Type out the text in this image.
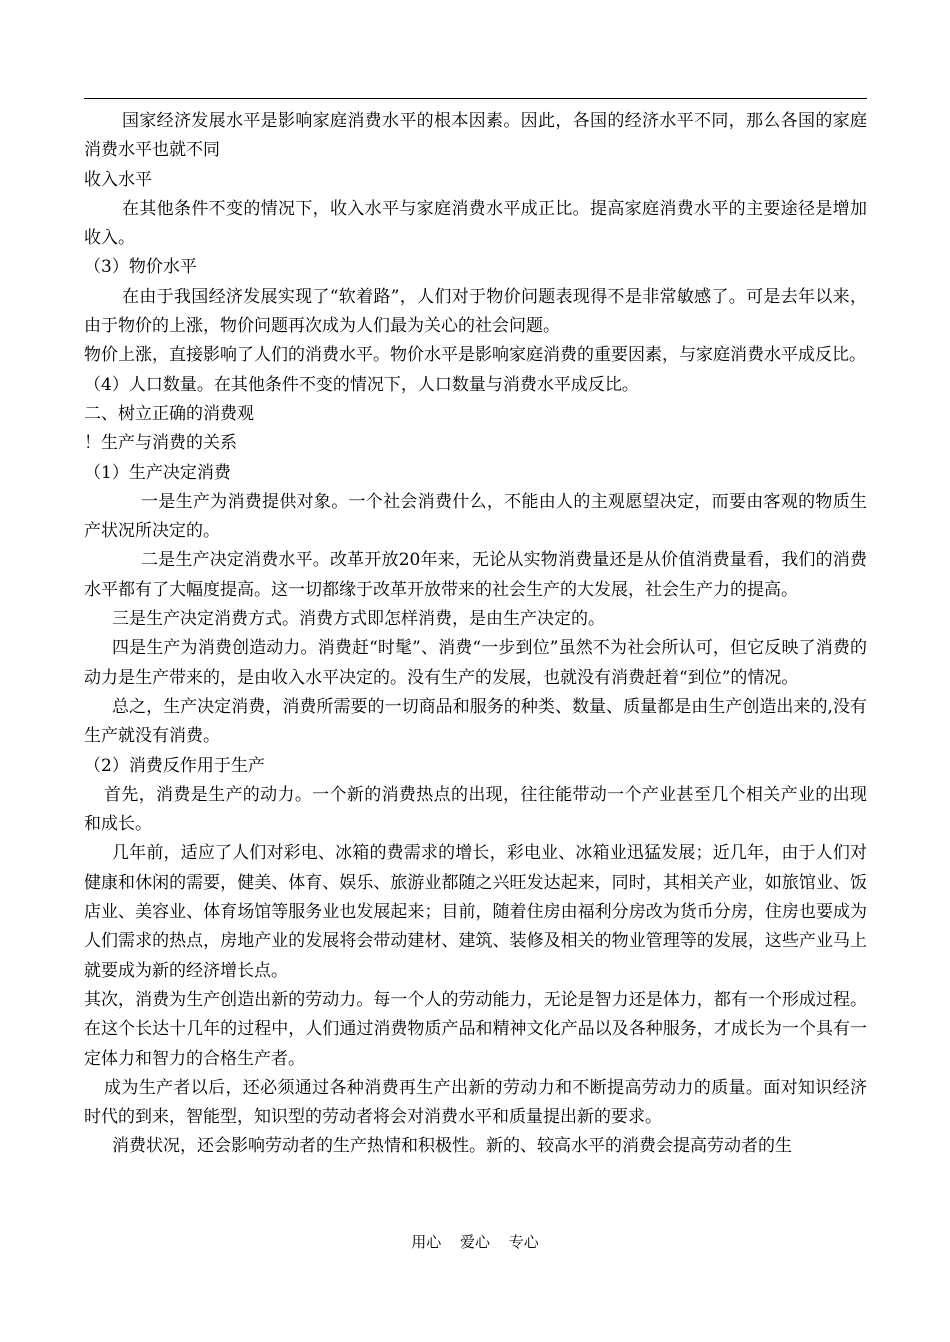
国家经济发展水平是影响家庭消费水平的根本因素。因此，各国的经济水平不同，那么各国的家庭消费水平也就不同

收入水平

在其他条件不变的情况下，收入水平与家庭消费水平成正比。提高家庭消费水平的主要途径是增加收入。

（3）物价水平

在由于我国经济发展实现了“软着路”，人们对于物价问题表现得不是非常敏感了。可是去年以来，由于物价的上涨，物价问题再次成为人们最为关心的社会问题。

物价上涨，直接影响了人们的消费水平。物价水平是影响家庭消费的重要因素，与家庭消费水平成反比。

（4）人口数量。在其他条件不变的情况下，人口数量与消费水平成反比。

二、树立正确的消费观

！生产与消费的关系

（1）生产决定消费

一是生产为消费提供对象。一个社会消费什么，不能由人的主观愿望决定，而要由客观的物质生产状况所决定的。

二是生产决定消费水平。改革开放20年来，无论从实物消费量还是从价值消费量看，我们的消费水平都有了大幅度提高。这一切都缘于改革开放带来的社会生产的大发展，社会生产力的提高。

三是生产决定消费方式。消费方式即怎样消费，是由生产决定的。

四是生产为消费创造动力。消费赶“时髦”、消费“一步到位”虽然不为社会所认可，但它反映了消费的动力是生产带来的，是由收入水平决定的。没有生产的发展，也就没有消费赶着“到位”的情况。

总之，生产决定消费，消费所需要的一切商品和服务的种类、数量、质量都是由生产创造出来的,没有生产就没有消费。

（2）消费反作用于生产

首先，消费是生产的动力。一个新的消费热点的出现，往往能带动一个产业甚至几个相关产业的出现和成长。

几年前，适应了人们对彩电、冰箱的费需求的增长，彩电业、冰箱业迅猛发展；近几年，由于人们对健康和休闲的需要，健美、体育、娱乐、旅游业都随之兴旺发达起来，同时，其相关产业，如旅馆业、饭店业、美容业、体育场馆等服务业也发展起来；目前，随着住房由福利分房改为货币分房，住房也要成为人们需求的热点，房地产业的发展将会带动建材、建筑、装修及相关的物业管理等的发展，这些产业马上就要成为新的经济增长点。

其次，消费为生产创造出新的劳动力。每一个人的劳动能力，无论是智力还是体力，都有一个形成过程。在这个长达十几年的过程中，人们通过消费物质产品和精神文化产品以及各种服务，才成长为一个具有一定体力和智力的合格生产者。

成为生产者以后，还必须通过各种消费再生产出新的劳动力和不断提高劳动力的质量。面对知识经济时代的到来，智能型，知识型的劳动者将会对消费水平和质量提出新的要求。

消费状况，还会影响劳动者的生产热情和积极性。新的、较高水平的消费会提高劳动者的生

用心 爱心 专心
